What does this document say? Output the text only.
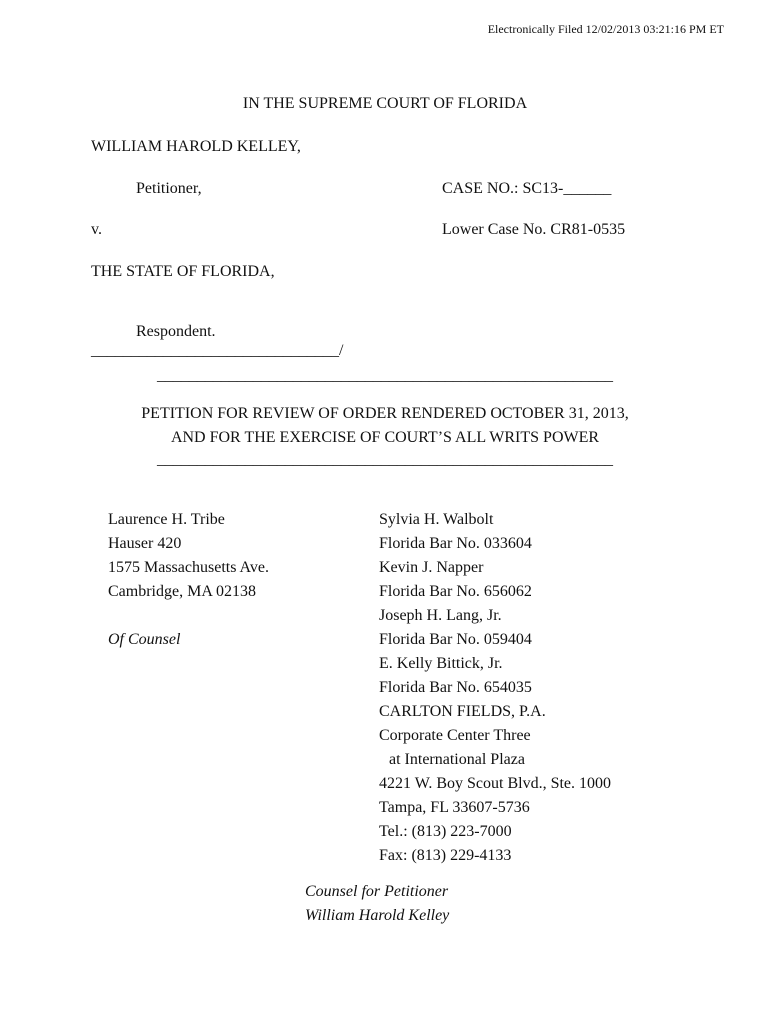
Electronically Filed 12/02/2013 03:21:16 PM ET
IN THE SUPREME COURT OF FLORIDA
WILLIAM HAROLD KELLEY,
Petitioner,	CASE NO.: SC13-______
v.	Lower Case No. CR81-0535
THE STATE OF FLORIDA,
Respondent.
_______________________________/
_________________________________________________________
PETITION FOR REVIEW OF ORDER RENDERED OCTOBER 31, 2013,
AND FOR THE EXERCISE OF COURT’S ALL WRITS POWER
_________________________________________________________
Laurence H. Tribe
Hauser 420
1575 Massachusetts Ave.
Cambridge, MA 02138
Of Counsel
Sylvia H. Walbolt
Florida Bar No. 033604
Kevin J. Napper
Florida Bar No. 656062
Joseph H. Lang, Jr.
Florida Bar No. 059404
E. Kelly Bittick, Jr.
Florida Bar No. 654035
CARLTON FIELDS, P.A.
Corporate Center Three
at International Plaza
4221 W. Boy Scout Blvd., Ste. 1000
Tampa, FL 33607-5736
Tel.: (813) 223-7000
Fax: (813) 229-4133
Counsel for Petitioner
William Harold Kelley
